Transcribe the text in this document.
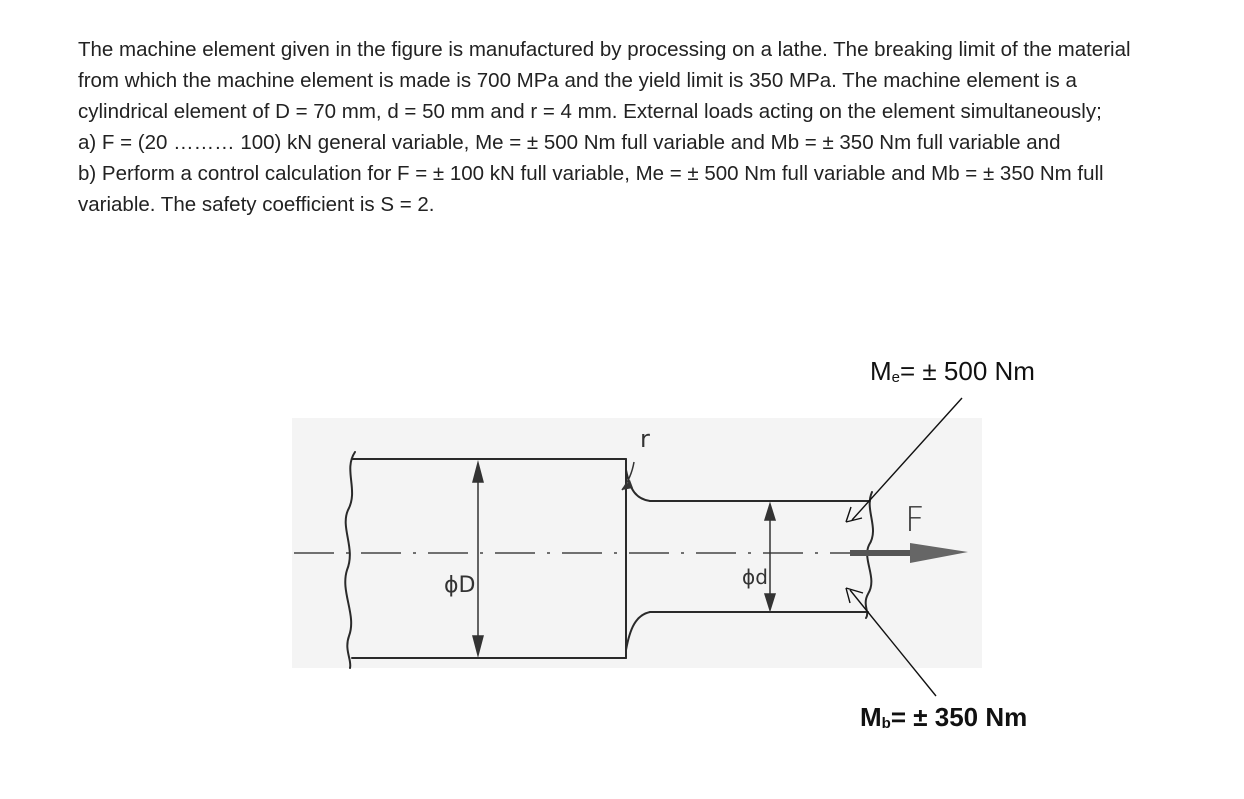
The machine element given in the figure is manufactured by processing on a lathe. The breaking limit of the material from which the machine element is made is 700 MPa and the yield limit is 350 MPa. The machine element is a cylindrical element of D = 70 mm, d = 50 mm and r = 4 mm. External loads acting on the element simultaneously;

a) F = (20 ……… 100) kN general variable, Me = ± 500 Nm full variable and Mb = ± 350 Nm full variable and

b) Perform a control calculation for F = ± 100 kN full variable, Me = ± 500 Nm full variable and Mb = ± 350 Nm full variable. The safety coefficient is S = 2.

ϕD	ϕd
r
F
$M_e= \pm 500$ Nm
$M_b= \pm 350$ Nm
